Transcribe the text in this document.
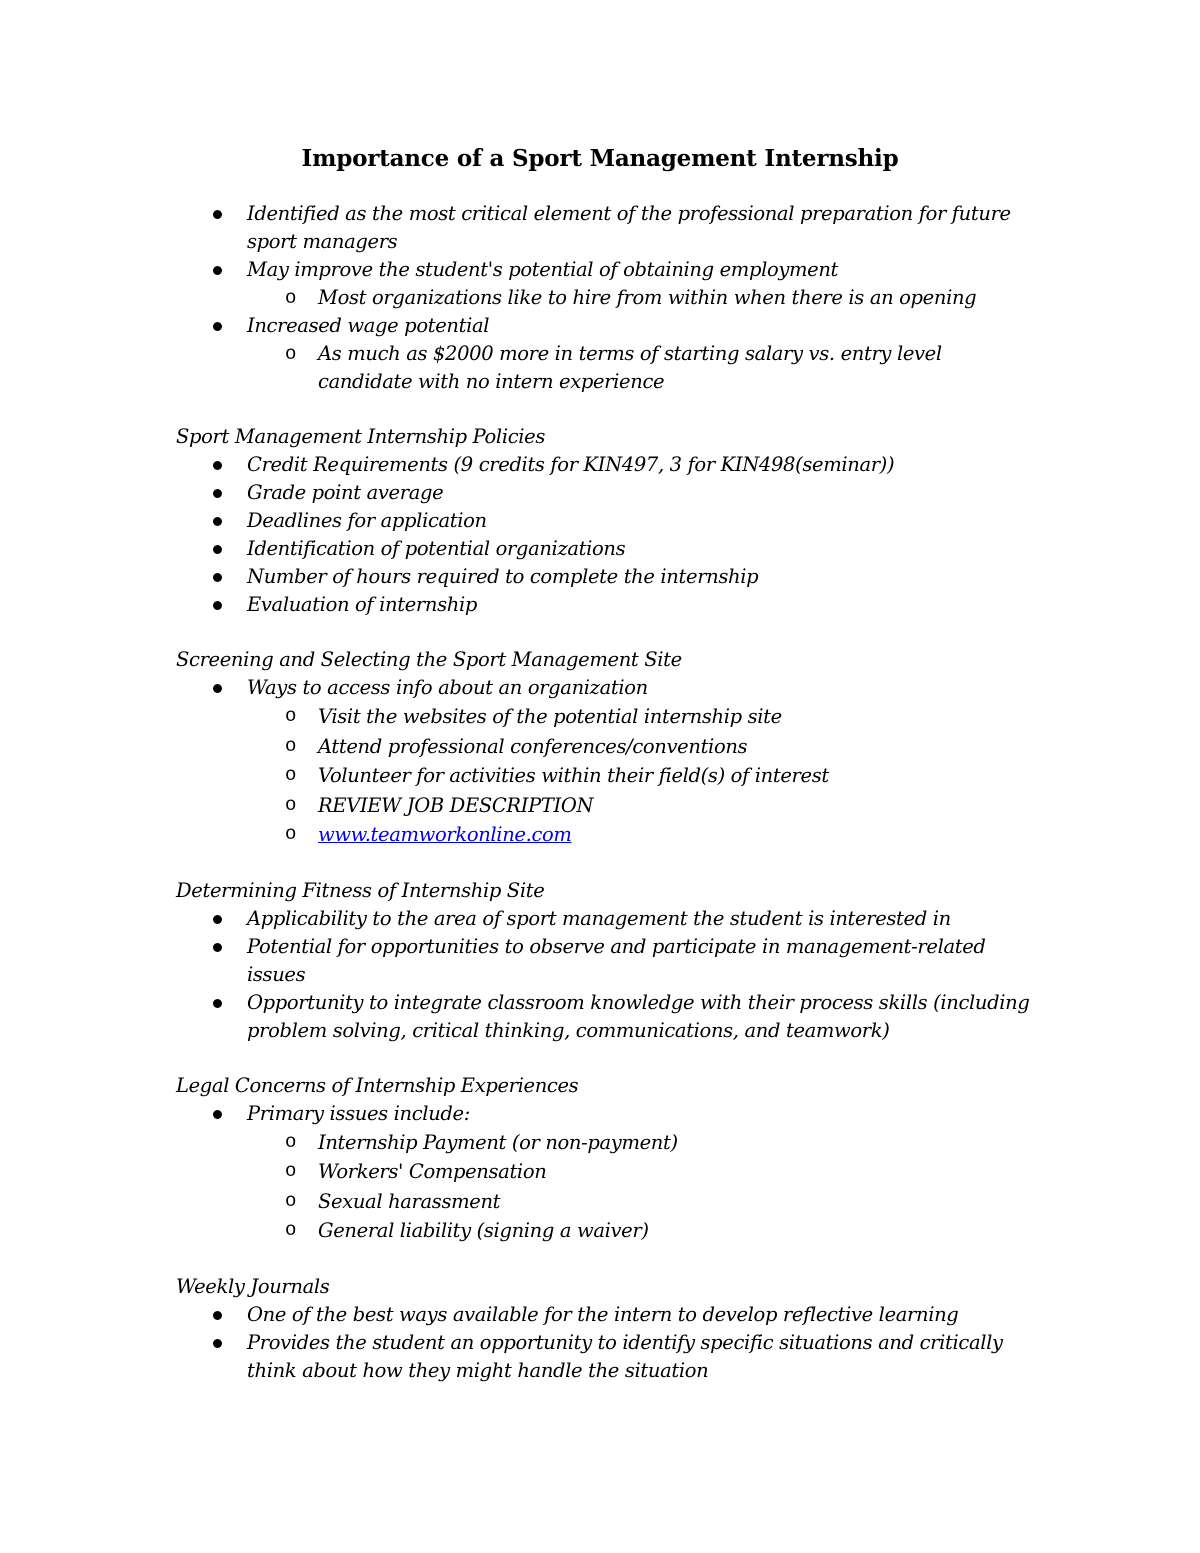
Importance of a Sport Management Internship
Identified as the most critical element of the professional preparation for future sport managers
May improve the student's potential of obtaining employment
o Most organizations like to hire from within when there is an opening
Increased wage potential
o As much as $2000 more in terms of starting salary vs. entry level candidate with no intern experience
Sport Management Internship Policies
Credit Requirements (9 credits for KIN497, 3 for KIN498(seminar))
Grade point average
Deadlines for application
Identification of potential organizations
Number of hours required to complete the internship
Evaluation of internship
Screening and Selecting the Sport Management Site
Ways to access info about an organization
o Visit the websites of the potential internship site
o Attend professional conferences/conventions
o Volunteer for activities within their field(s) of interest
o REVIEW JOB DESCRIPTION
o www.teamworkonline.com
Determining Fitness of Internship Site
Applicability to the area of sport management the student is interested in
Potential for opportunities to observe and participate in management-related issues
Opportunity to integrate classroom knowledge with their process skills (including problem solving, critical thinking, communications, and teamwork)
Legal Concerns of Internship Experiences
Primary issues include:
o Internship Payment (or non-payment)
o Workers' Compensation
o Sexual harassment
o General liability (signing a waiver)
Weekly Journals
One of the best ways available for the intern to develop reflective learning
Provides the student an opportunity to identify specific situations and critically think about how they might handle the situation
